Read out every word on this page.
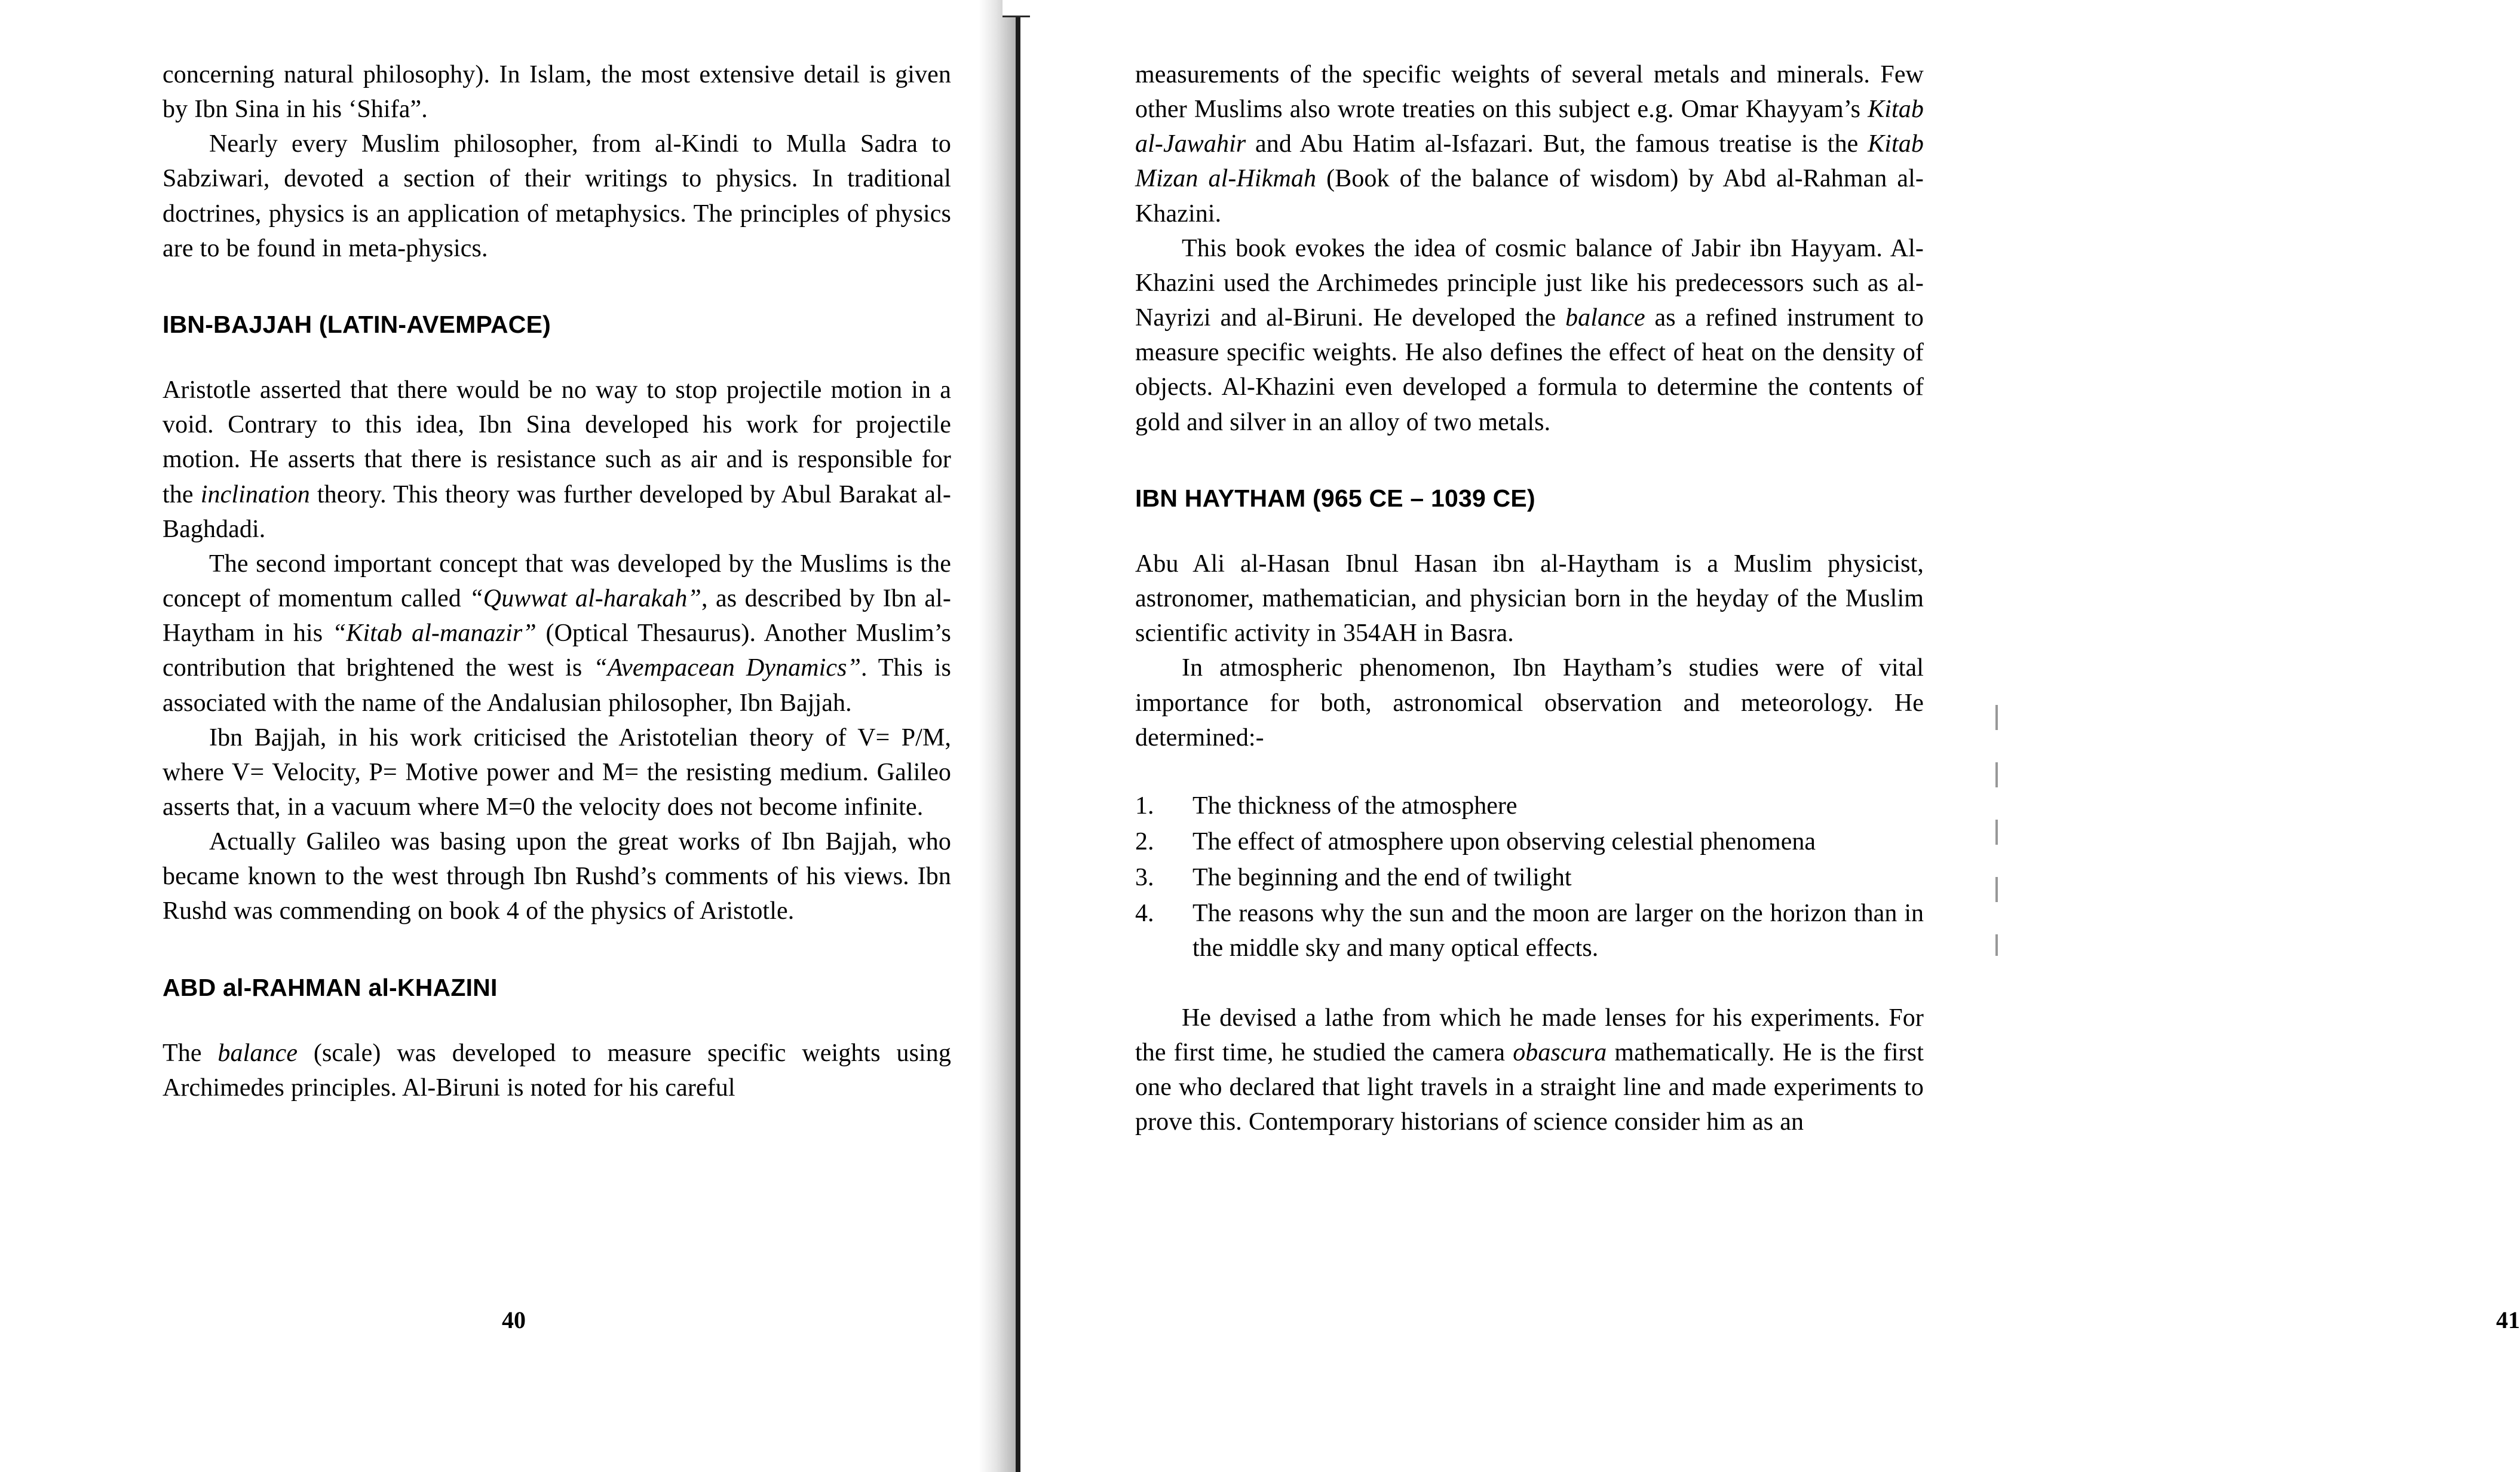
concerning natural philosophy). In Islam, the most extensive detail is given by Ibn Sina in his ‘Shifa”.

Nearly every Muslim philosopher, from al-Kindi to Mulla Sadra to Sabziwari, devoted a section of their writings to physics. In traditional doctrines, physics is an application of metaphysics. The principles of physics are to be found in meta-physics.

IBN-BAJJAH (LATIN-AVEMPACE)

Aristotle asserted that there would be no way to stop projectile motion in a void. Contrary to this idea, Ibn Sina developed his work for projectile motion. He asserts that there is resistance such as air and is responsible for the inclination theory. This theory was further developed by Abul Barakat al-Baghdadi.

The second important concept that was developed by the Muslims is the concept of momentum called “Quwwat al-harakah”, as described by Ibn al-Haytham in his “Kitab al-manazir” (Optical Thesaurus). Another Muslim’s contribution that brightened the west is “Avempacean Dynamics”. This is associated with the name of the Andalusian philosopher, Ibn Bajjah.

Ibn Bajjah, in his work criticised the Aristotelian theory of V= P/M, where V= Velocity, P= Motive power and M= the resisting medium. Galileo asserts that, in a vacuum where M=0 the velocity does not become infinite.

Actually Galileo was basing upon the great works of Ibn Bajjah, who became known to the west through Ibn Rushd’s comments of his views. Ibn Rushd was commending on book 4 of the physics of Aristotle.

ABD al-RAHMAN al-KHAZINI

The balance (scale) was developed to measure specific weights using Archimedes principles. Al-Biruni is noted for his careful

40

measurements of the specific weights of several metals and minerals. Few other Muslims also wrote treaties on this subject e.g. Omar Khayyam’s Kitab al-Jawahir and Abu Hatim al-Isfazari. But, the famous treatise is the Kitab Mizan al-Hikmah (Book of the balance of wisdom) by Abd al-Rahman al-Khazini.

This book evokes the idea of cosmic balance of Jabir ibn Hayyam. Al-Khazini used the Archimedes principle just like his predecessors such as al-Nayrizi and al-Biruni. He developed the balance as a refined instrument to measure specific weights. He also defines the effect of heat on the density of objects. Al-Khazini even developed a formula to determine the contents of gold and silver in an alloy of two metals.

IBN HAYTHAM (965 CE – 1039 CE)

Abu Ali al-Hasan Ibnul Hasan ibn al-Haytham is a Muslim physicist, astronomer, mathematician, and physician born in the heyday of the Muslim scientific activity in 354AH in Basra.

In atmospheric phenomenon, Ibn Haytham’s studies were of vital importance for both, astronomical observation and meteorology. He determined:-

1.	The thickness of the atmosphere
2.	The effect of atmosphere upon observing celestial phenomena
3.	The beginning and the end of twilight
4.	The reasons why the sun and the moon are larger on the horizon than in the middle sky and many optical effects.

He devised a lathe from which he made lenses for his experiments. For the first time, he studied the camera obascura mathematically. He is the first one who declared that light travels in a straight line and made experiments to prove this. Contemporary historians of science consider him as an

41
